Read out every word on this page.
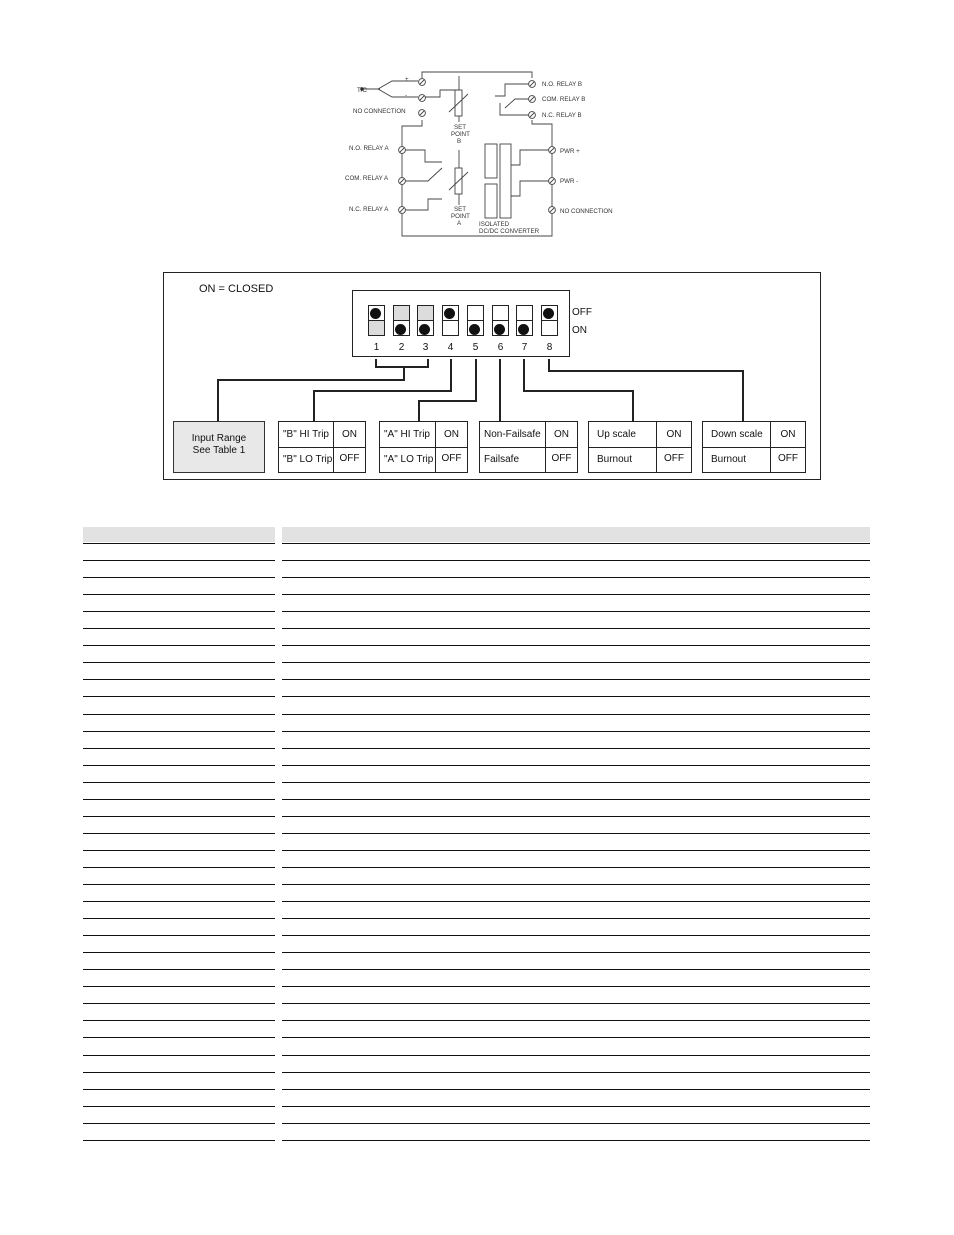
T/C
+
-
NO CONNECTION
N.O. RELAY A
COM. RELAY A
N.C. RELAY A
N.O. RELAY B
COM. RELAY B
N.C. RELAY B
PWR +
PWR -
NO CONNECTION
SET
POINT
B
SET
POINT
A	ISOLATED
DC/DC CONVERTER
ON = CLOSED
1	2	3	4	5	6	7	8
OFF
ON
Input Range
See Table 1
"B" HI Trip	ON
"B" LO Trip OFF
"A" HI Trip	ON
"A" LO Trip OFF
Non-Failsafe	ON
Failsafe	OFF
Up scale	ON
Burnout	OFF
Down scale	ON
Burnout	OFF
